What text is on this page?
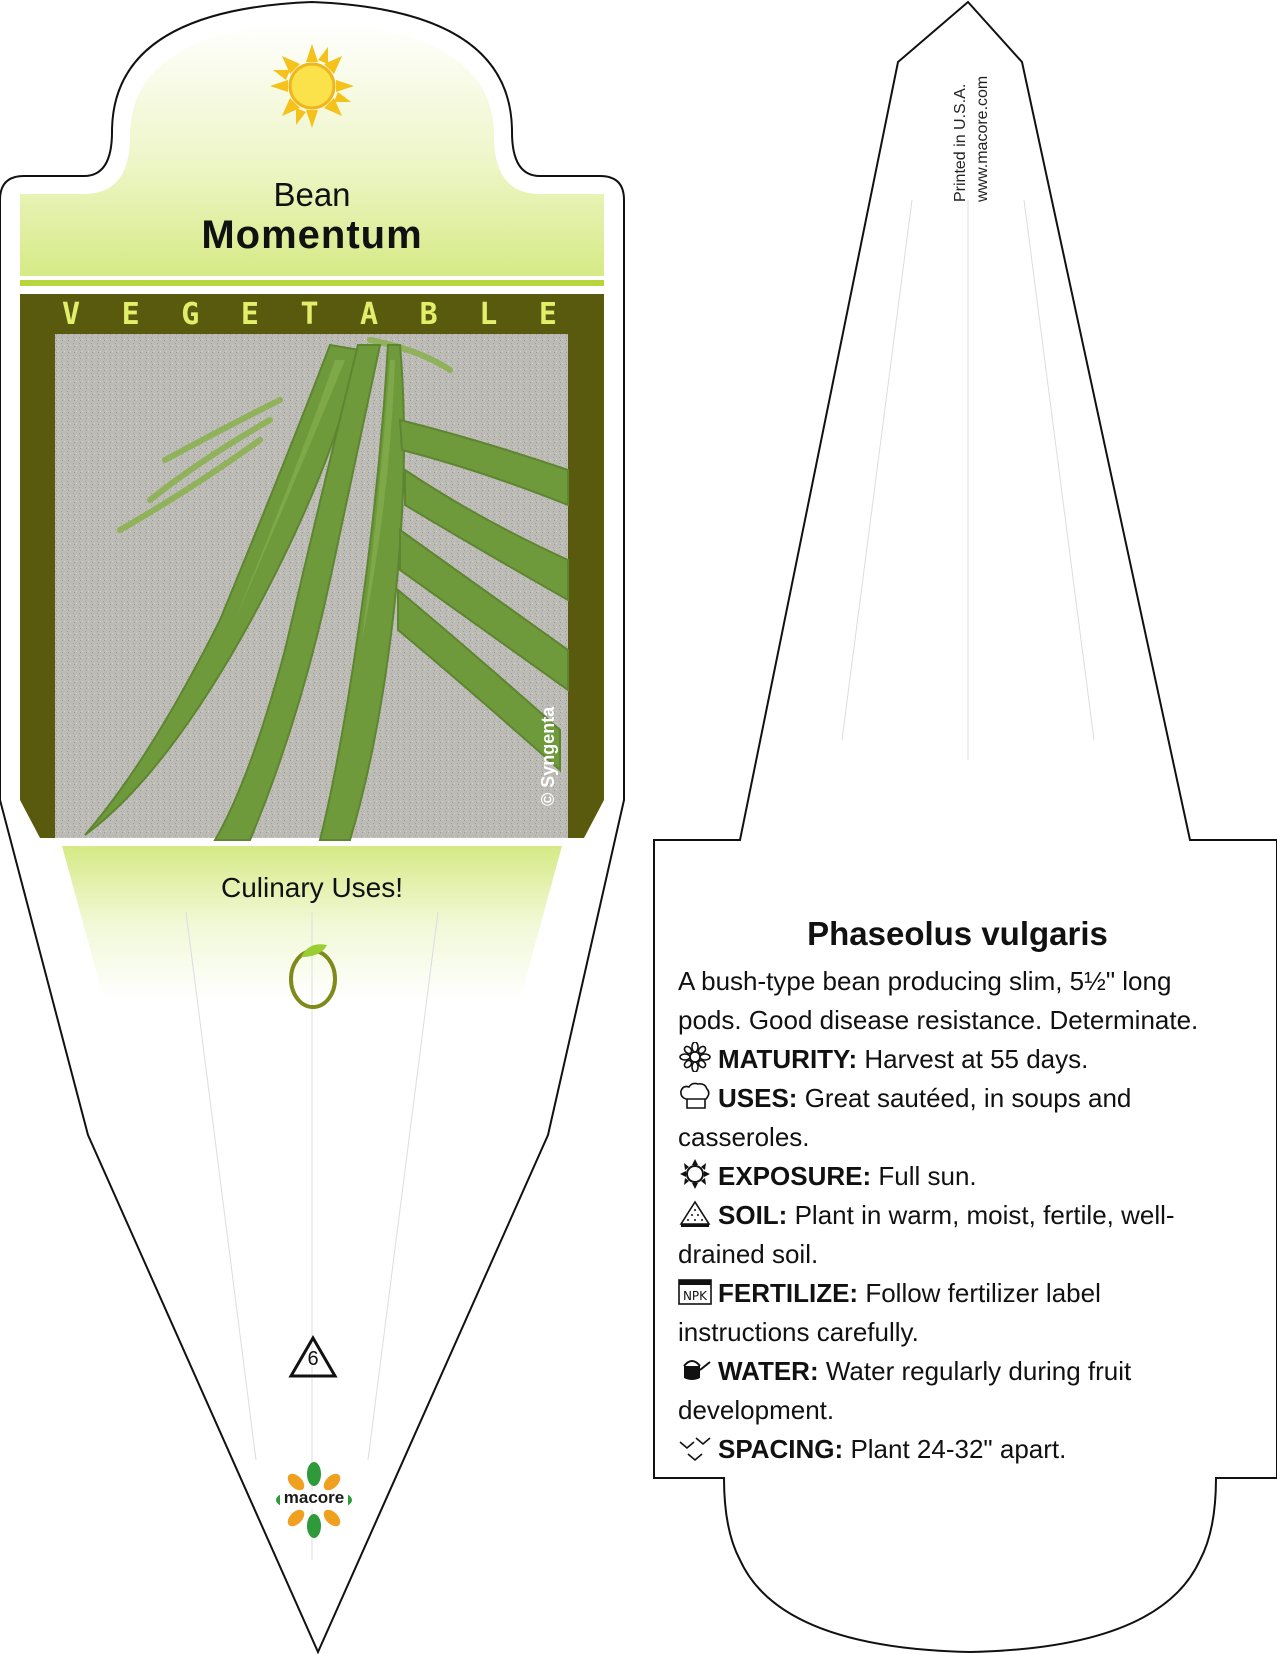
Bean
Momentum
V E G E T A B L E
© Syngenta
Culinary Uses!
6
macore
Printed in U.S.A. www.macore.com
Phaseolus vulgaris
A bush-type bean producing slim, 5½" long pods. Good disease resistance. Determinate.
MATURITY: Harvest at 55 days.
USES: Great sautéed, in soups and casseroles.
EXPOSURE: Full sun.
SOIL: Plant in warm, moist, fertile, well-drained soil.
NPK FERTILIZE: Follow fertilizer label instructions carefully.
WATER: Water regularly during fruit development.
SPACING: Plant 24-32" apart.
